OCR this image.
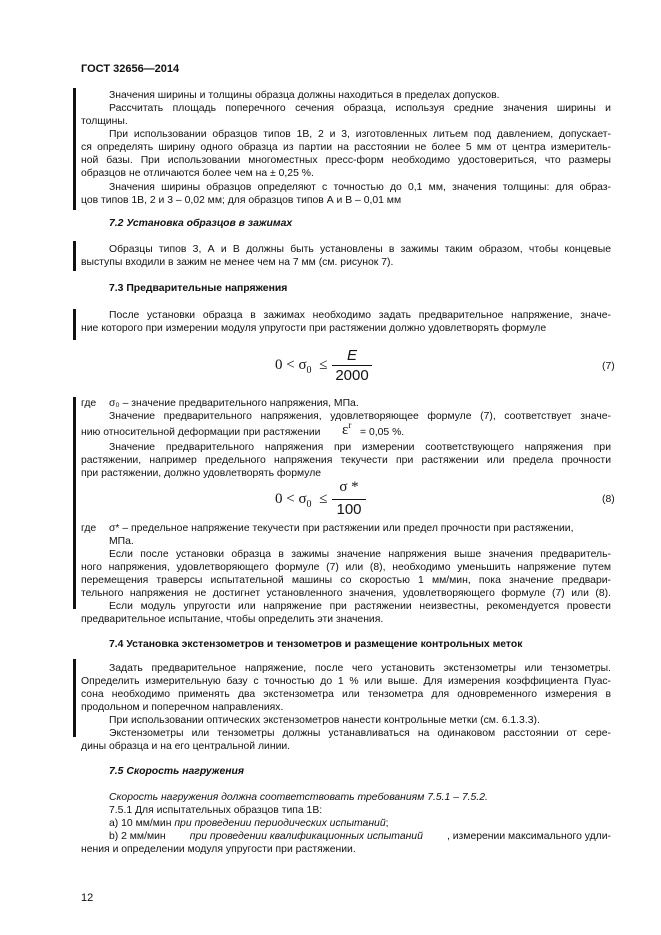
ГОСТ 32656—2014
Значения ширины и толщины образца должны находиться в пределах допусков.
Рассчитать площадь поперечного сечения образца, используя средние значения ширины и
толщины.
При использовании образцов типов 1В, 2 и 3, изготовленных литьем под давлением, допускает-
ся определять ширину одного образца из партии на расстоянии не более 5 мм от центра измеритель-
ной базы. При использовании многоместных пресс-форм необходимо удостовериться, что размеры
образцов не отличаются более чем на ± 0,25 %.
Значения ширины образцов определяют с точностью до 0,1 мм, значения толщины: для образ-
цов типов 1В, 2 и 3 – 0,02 мм; для образцов типов А и В – 0,01 мм
7.2 Установка образцов в зажимах
Образцы типов 3, А и В должны быть установлены в зажимы таким образом, чтобы концевые
выступы входили в зажим не менее чем на 7 мм (см. рисунок 7).
7.3 Предварительные напряжения
После установки образца в зажимах необходимо задать предварительное напряжение, значе-
ние которого при измерении модуля упругости при растяжении должно удовлетворять формуле
$0 < \sigma_0$ ≤
E
2000
(7)
где σ₀ – значение предварительного напряжения, МПа.
Значение предварительного напряжения, удовлетворяющее формуле (7), соответствует значе-
нию относительной деформации при растяжении $\varepsilon^r$
= 0,05 %.
Значение предварительного напряжения при измерении соответствующего напряжения при
растяжении, например предельного напряжения текучести при растяжении или предела прочности
при растяжении, должно удовлетворять формуле
$0 < \sigma_0$ ≤
σ *
100
(8)
где σ* – предельное напряжение текучести при растяжении или предел прочности при растяжении,
МПа.
Если после установки образца в зажимы значение напряжения выше значения предваритель-
ного напряжения, удовлетворяющего формуле (7) или (8), необходимо уменьшить напряжение путем
перемещения траверсы испытательной машины со скоростью 1 мм/мин, пока значение предвари-
тельного напряжения не достигнет установленного значения, удовлетворяющего формуле (7) или (8).
Если модуль упругости или напряжение при растяжении неизвестны, рекомендуется провести
предварительное испытание, чтобы определить эти значения.
7.4 Установка экстензометров и тензометров и размещение контрольных меток
Задать предварительное напряжение, после чего установить экстензометры или тензометры.
Определить измерительную базу с точностью до 1 % или выше. Для измерения коэффициента Пуас-
сона необходимо применять два экстензометра или тензометра для одновременного измерения в
продольном и поперечном направлениях.
При использовании оптических экстензометров нанести контрольные метки (см. 6.1.3.3).
Экстензометры или тензометры должны устанавливаться на одинаковом расстоянии от сере-
дины образца и на его центральной линии.
7.5 Скорость нагружения
Скорость нагружения должна соответствовать требованиям 7.5.1 – 7.5.2.
7.5.1 Для испытательных образцов типа 1В:
а) 10 мм/мин при проведении периодических испытаний;
b) 2 мм/мин при проведении квалификационных испытаний , измерении максимального удли-
нения и определении модуля упругости при растяжении.
12
